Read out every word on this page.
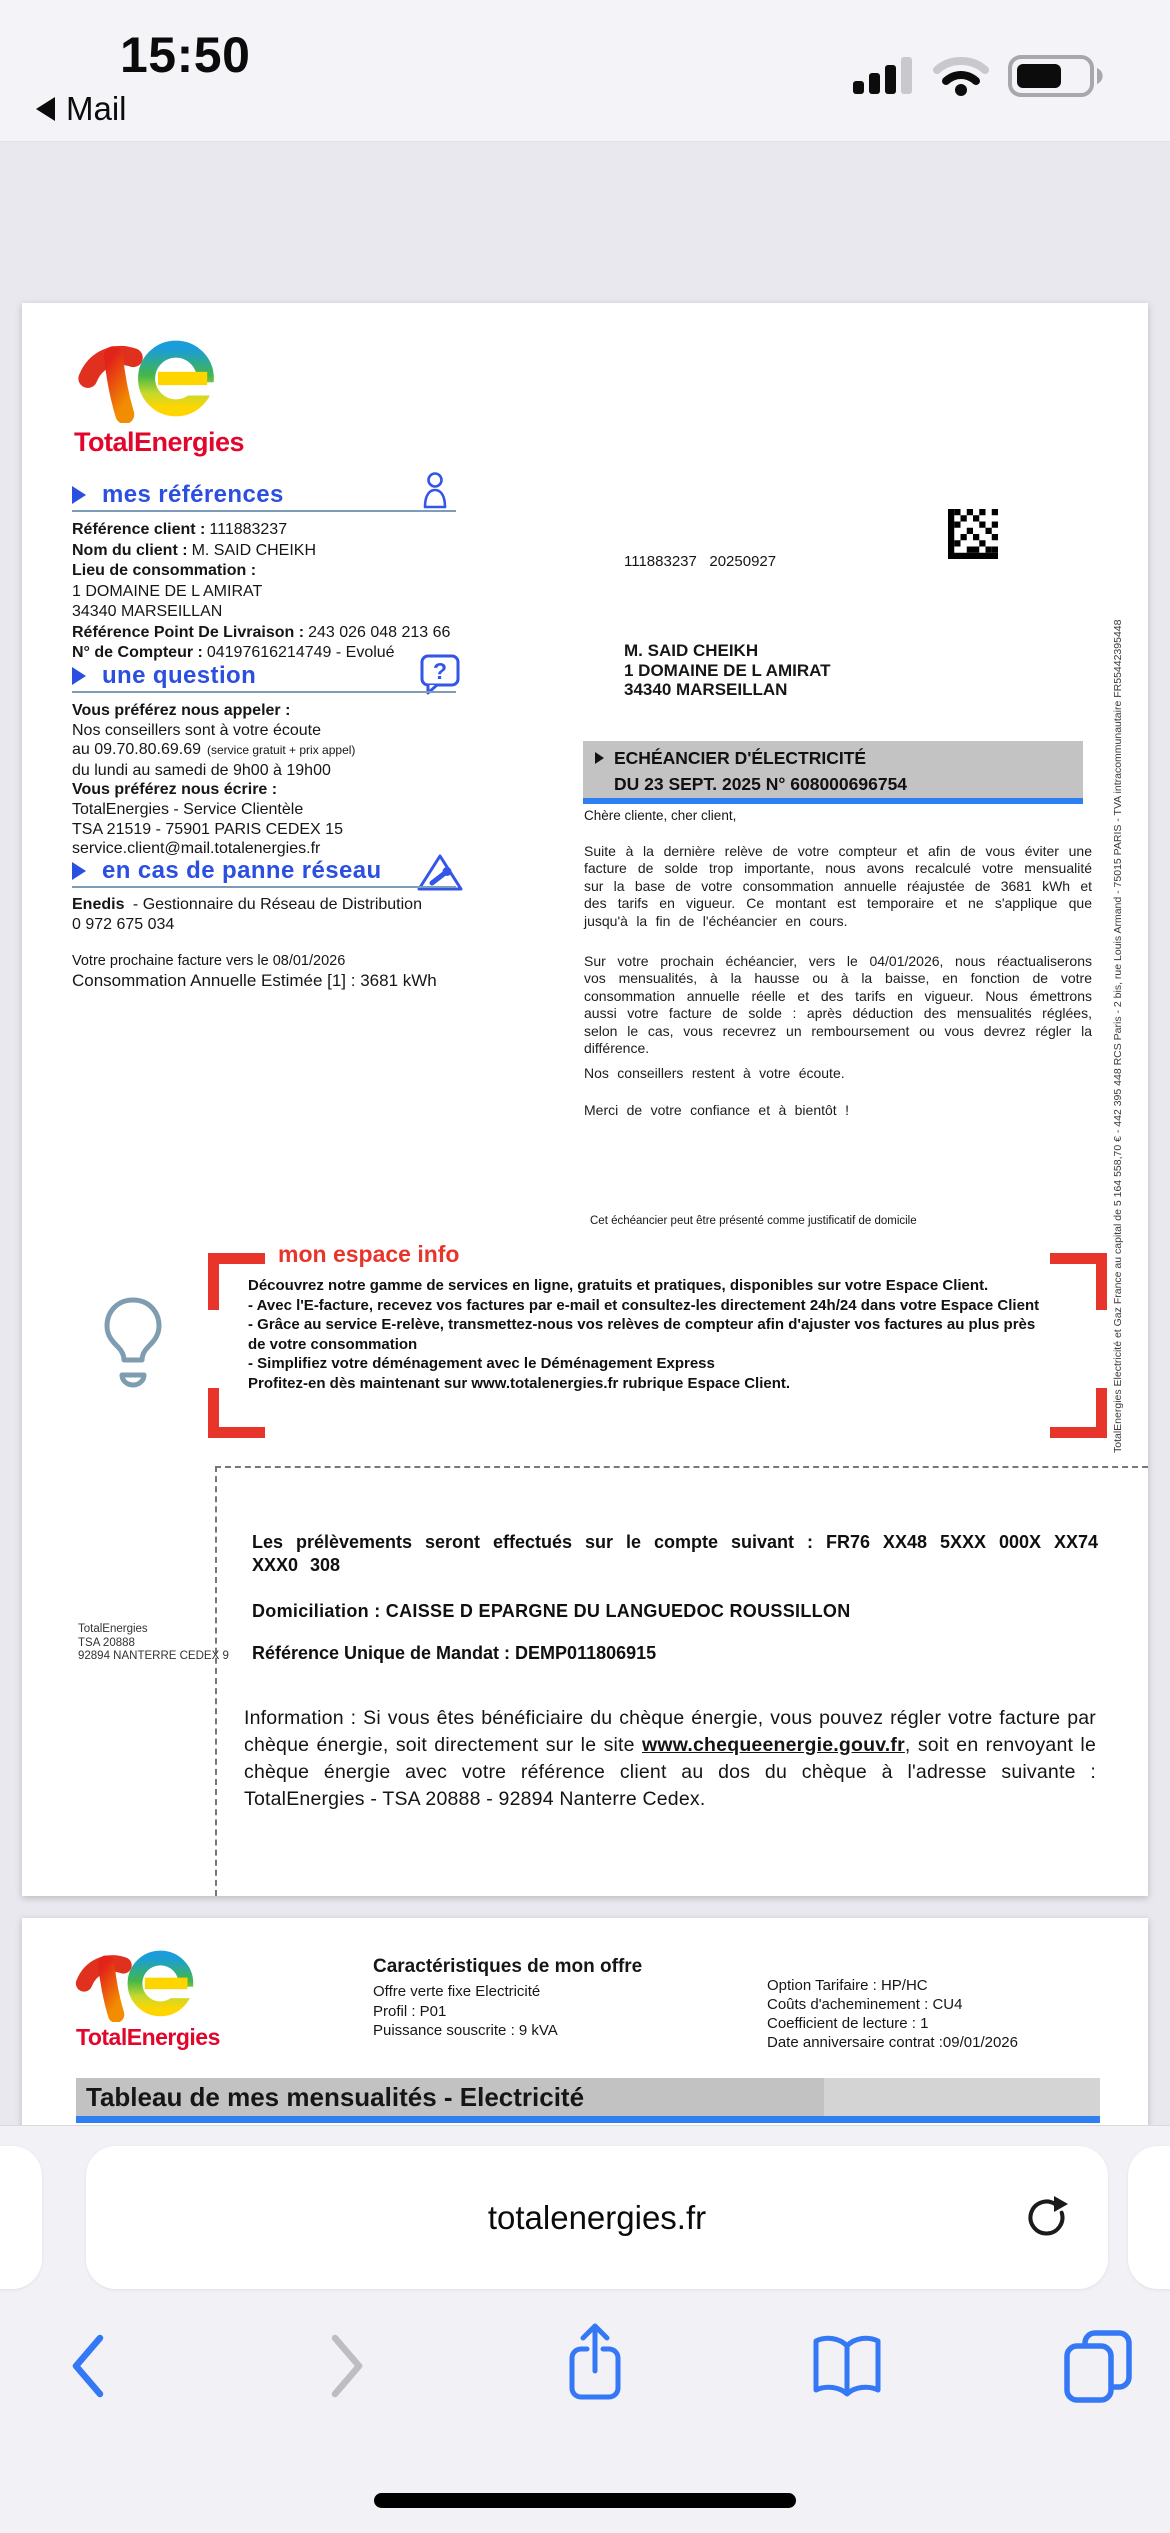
15:50
Mail
TotalEnergies
mes références
Référence client : 111883237
Nom du client : M. SAID CHEIKH
Lieu de consommation :
1 DOMAINE DE L AMIRAT
34340 MARSEILLAN
Référence Point De Livraison : 243 026 048 213 66
N° de Compteur : 04197616214749 - Evolué
une question	?
Vous préférez nous appeler :
Nos conseillers sont à votre écoute
au 09.70.80.69.69 (service gratuit + prix appel)
du lundi au samedi de 9h00 à 19h00
Vous préférez nous écrire :
TotalEnergies - Service Clientèle
TSA 21519 - 75901 PARIS CEDEX 15
service.client@mail.totalenergies.fr
en cas de panne réseau
Enedis - Gestionnaire du Réseau de Distribution
0 972 675 034
Votre prochaine facture vers le 08/01/2026
Consommation Annuelle Estimée [1] : 3681 kWh
111883237   20250927
M. SAID CHEIKH
1 DOMAINE DE L AMIRAT
34340 MARSEILLAN
ECHÉANCIER D'ÉLECTRICITÉ
DU 23 SEPT. 2025 N° 608000696754
Chère cliente, cher client,
Suite à la dernière relève de votre compteur et afin de vous éviter une facture de solde trop importante, nous avons recalculé votre mensualité sur la base de votre consommation annuelle réajustée de 3681 kWh et des tarifs en vigueur. Ce montant est temporaire et ne s'applique que jusqu'à la fin de l'échéancier en cours.
Sur votre prochain échéancier, vers le 04/01/2026, nous réactualiserons vos mensualités, à la hausse ou à la baisse, en fonction de votre consommation annuelle réelle et des tarifs en vigueur. Nous émettrons aussi votre facture de solde : après déduction des mensualités réglées, selon le cas, vous recevrez un remboursement ou vous devrez régler la différence.
Nos conseillers restent à votre écoute.
Merci de votre confiance et à bientôt !
Cet échéancier peut être présenté comme justificatif de domicile
mon espace info
Découvrez notre gamme de services en ligne, gratuits et pratiques, disponibles sur votre Espace Client.
- Avec l'E-facture, recevez vos factures par e-mail et consultez-les directement 24h/24 dans votre Espace Client
- Grâce au service E-relève, transmettez-nous vos relèves de compteur afin d'ajuster vos factures au plus près de votre consommation
- Simplifiez votre déménagement avec le Déménagement Express
Profitez-en dès maintenant sur www.totalenergies.fr rubrique Espace Client.
Les prélèvements seront effectués sur le compte suivant : FR76 XX48 5XXX 000X XX74 XXX0 308
Domiciliation : CAISSE D EPARGNE DU LANGUEDOC ROUSSILLON
Référence Unique de Mandat : DEMP011806915
TotalEnergies
TSA 20888
92894 NANTERRE CEDEX 9
Information : Si vous êtes bénéficiaire du chèque énergie, vous pouvez régler votre facture par chèque énergie, soit directement sur le site www.chequeenergie.gouv.fr, soit en renvoyant le chèque énergie avec votre référence client au dos du chèque à l'adresse suivante : TotalEnergies - TSA 20888 - 92894 Nanterre Cedex.
TotalEnergies Electricité et Gaz France au capital de 5 164 558,70 € - 442 395 448 RCS Paris - 2 bis, rue Louis Armand - 75015 PARIS - TVA intracommunautaire FR55442395448
TotalEnergies
Caractéristiques de mon offre
Offre verte fixe Electricité
Profil : P01
Puissance souscrite : 9 kVA
Option Tarifaire : HP/HC
Coûts d'acheminement : CU4
Coefficient de lecture : 1
Date anniversaire contrat :09/01/2026
Tableau de mes mensualités - Electricité
totalenergies.fr
